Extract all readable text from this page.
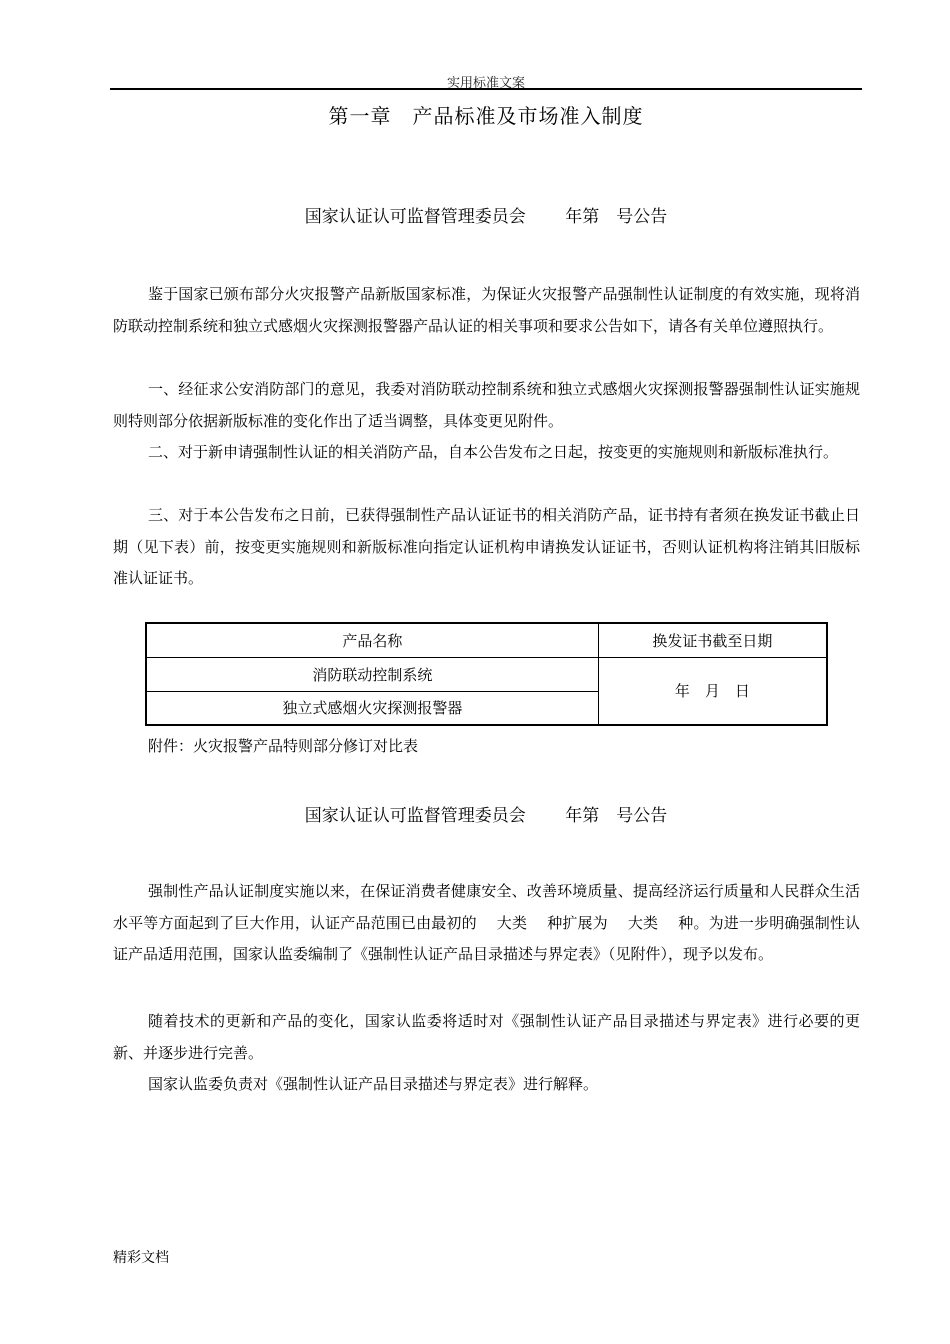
实用标准文案
第一章　产品标准及市场准入制度
国家认证认可监督管理委员会　　 年第　号公告

鉴于国家已颁布部分火灾报警产品新版国家标准，为保证火灾报警产品强制性认证制度的有效实施，现将消防联动控制系统和独立式感烟火灾探测报警器产品认证的相关事项和要求公告如下，请各有关单位遵照执行。

一、经征求公安消防部门的意见，我委对消防联动控制系统和独立式感烟火灾探测报警器强制性认证实施规则特则部分依据新版标准的变化作出了适当调整，具体变更见附件。

二、对于新申请强制性认证的相关消防产品，自本公告发布之日起，按变更的实施规则和新版标准执行。

三、对于本公告发布之日前，已获得强制性产品认证证书的相关消防产品，证书持有者须在换发证书截止日期（见下表）前，按变更实施规则和新版标准向指定认证机构申请换发认证证书，否则认证机构将注销其旧版标准认证证书。

产品名称	换发证书截至日期
消防联动控制系统	年　月　日
独立式感烟火灾探测报警器	
附件：火灾报警产品特则部分修订对比表
国家认证认可监督管理委员会　　 年第　号公告

强制性产品认证制度实施以来，在保证消费者健康安全、改善环境质量、提高经济运行质量和人民群众生活水平等方面起到了巨大作用，认证产品范围已由最初的　 大类　 种扩展为　 大类　 种。为进一步明确强制性认证产品适用范围，国家认监委编制了《强制性认证产品目录描述与界定表》（见附件），现予以发布。

随着技术的更新和产品的变化，国家认监委将适时对《强制性认证产品目录描述与界定表》进行必要的更新、并逐步进行完善。

国家认监委负责对《强制性认证产品目录描述与界定表》进行解释。

精彩文档
